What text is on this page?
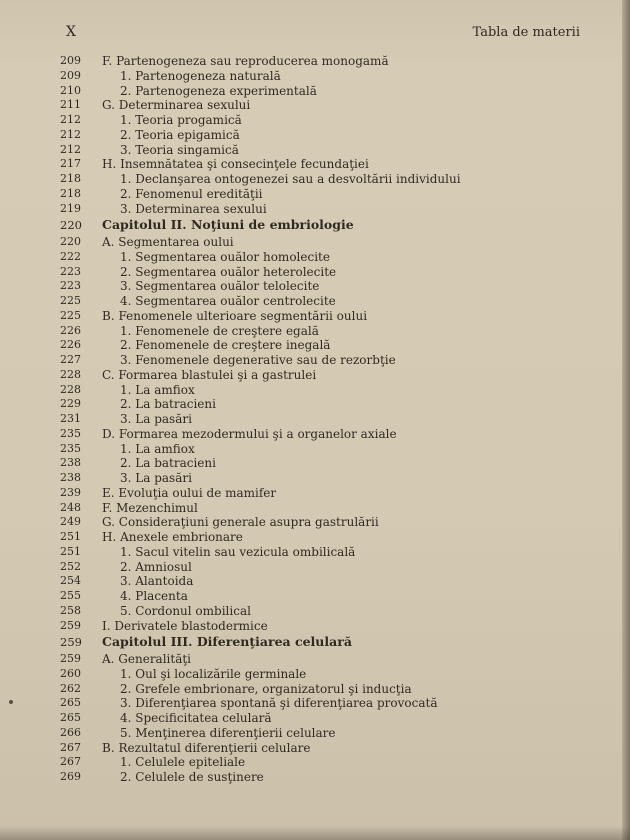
X	Tabla de materii
209	F. Partenogeneza sau reproducerea monogamă
209	1. Partenogeneza naturală
210	2. Partenogeneza experimentală
211	G. Determinarea sexului
212	1. Teoria progamică
212	2. Teoria epigamică
212	3. Teoria singamică
217	H. Insemnătatea şi consecinţele fecundaţiei
218	1. Declanşarea ontogenezei sau a desvoltării individului
218	2. Fenomenul eredităţii
219	3. Determinarea sexului
220	Capitolul II. Noţiuni de embriologie
220	A. Segmentarea oului
222	1. Segmentarea ouălor homolecite
223	2. Segmentarea ouălor heterolecite
223	3. Segmentarea ouălor telolecite
225	4. Segmentarea ouălor centrolecite
225	B. Fenomenele ulterioare segmentării oului
226	1. Fenomenele de creştere egală
226	2. Fenomenele de creştere inegală
227	3. Fenomenele degenerative sau de rezorbţie
228	C. Formarea blastulei şi a gastrulei
228	1. La amfiox
229	2. La batracieni
231	3. La pasări
235	D. Formarea mezodermului şi a organelor axiale
235	1. La amfiox
238	2. La batracieni
238	3. La pasări
239	E. Evoluţia oului de mamifer
248	F. Mezenchimul
249	G. Consideraţiuni generale asupra gastrulării
251	H. Anexele embrionare
251	1. Sacul vitelin sau vezicula ombilicală
252	2. Amniosul
254	3. Alantoida
255	4. Placenta
258	5. Cordonul ombilical
259	I. Derivatele blastodermice
259	Capitolul III. Diferenţiarea celulară
259	A. Generalităţi
260	1. Oul şi localizările germinale
262	2. Grefele embrionare, organizatorul şi inducţia
265	3. Diferenţiarea spontană şi diferenţiarea provocată
265	4. Specificitatea celulară
266	5. Menţinerea diferenţierii celulare
267	B. Rezultatul diferenţierii celulare
267	1. Celulele epiteliale
269	2. Celulele de susţinere
